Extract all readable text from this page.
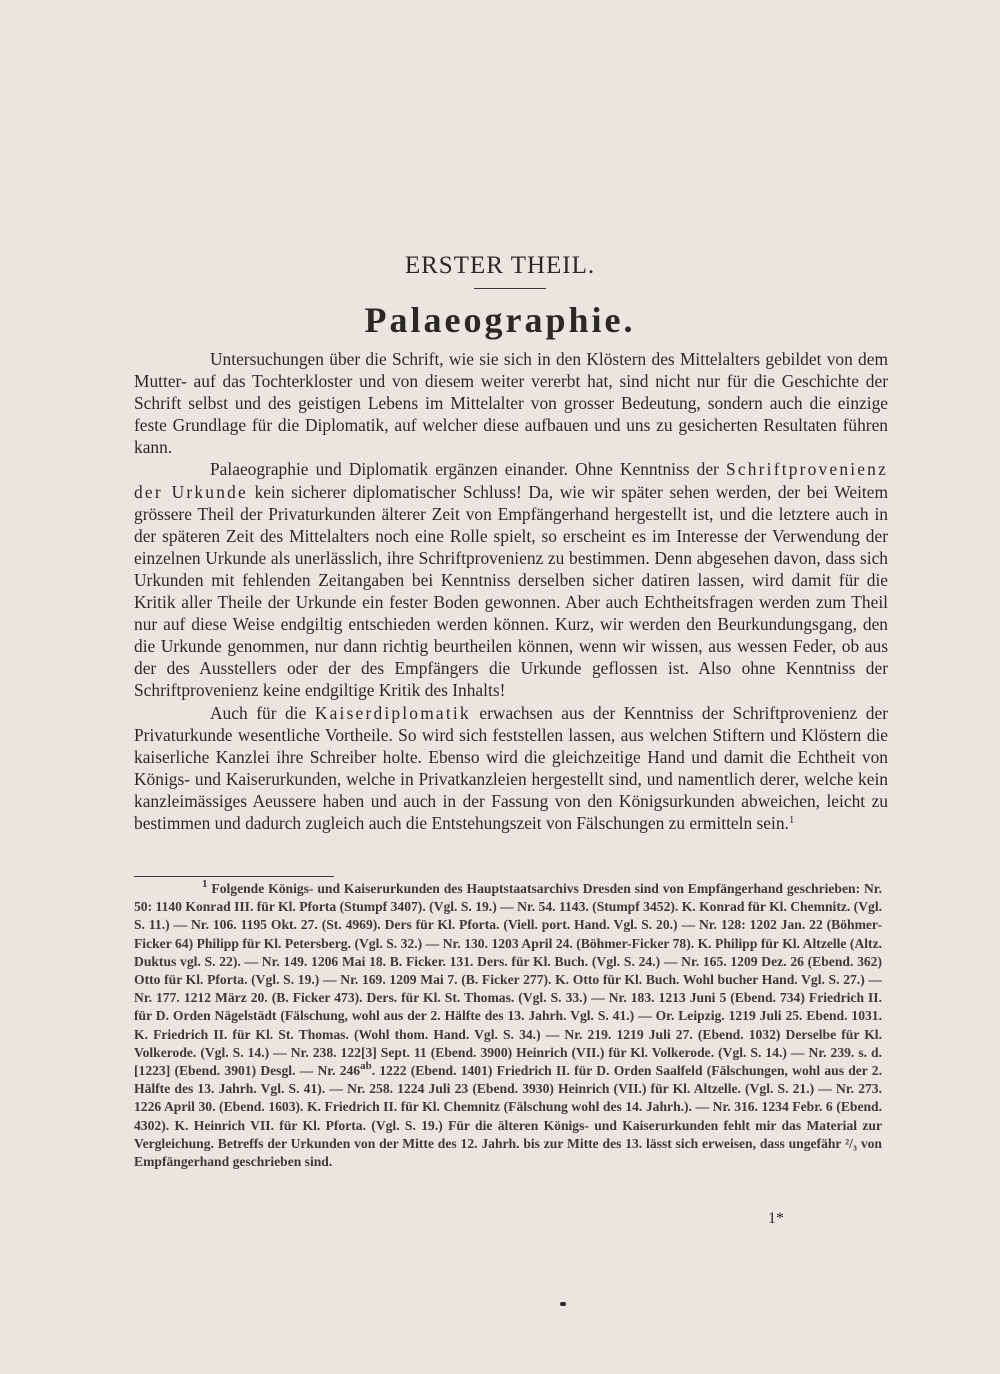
ERSTER THEIL.
Palaeographie.

Untersuchungen über die Schrift, wie sie sich in den Klöstern des Mittelalters gebildet von dem Mutter- auf das Tochterkloster und von diesem weiter vererbt hat, sind nicht nur für die Geschichte der Schrift selbst und des geistigen Lebens im Mittelalter von grosser Bedeutung, sondern auch die einzige feste Grundlage für die Diplomatik, auf welcher diese aufbauen und uns zu gesicherten Resultaten führen kann.

Palaeographie und Diplomatik ergänzen einander. Ohne Kenntniss der Schriftprovenienz der Urkunde kein sicherer diplomatischer Schluss! Da, wie wir später sehen werden, der bei Weitem grössere Theil der Privaturkunden älterer Zeit von Empfängerhand hergestellt ist, und die letztere auch in der späteren Zeit des Mittelalters noch eine Rolle spielt, so erscheint es im Interesse der Verwendung der einzelnen Urkunde als unerlässlich, ihre Schriftprovenienz zu bestimmen. Denn abgesehen davon, dass sich Urkunden mit fehlenden Zeitangaben bei Kenntniss derselben sicher datiren lassen, wird damit für die Kritik aller Theile der Urkunde ein fester Boden gewonnen. Aber auch Echtheitsfragen werden zum Theil nur auf diese Weise endgiltig entschieden werden können. Kurz, wir werden den Beurkundungsgang, den die Urkunde genommen, nur dann richtig beurtheilen können, wenn wir wissen, aus wessen Feder, ob aus der des Ausstellers oder der des Empfängers die Urkunde geflossen ist. Also ohne Kenntniss der Schriftprovenienz keine endgiltige Kritik des Inhalts!

Auch für die Kaiserdiplomatik erwachsen aus der Kenntniss der Schriftprovenienz der Privaturkunde wesentliche Vortheile. So wird sich feststellen lassen, aus welchen Stiftern und Klöstern die kaiserliche Kanzlei ihre Schreiber holte. Ebenso wird die gleichzeitige Hand und damit die Echtheit von Königs- und Kaiserurkunden, welche in Privatkanzleien hergestellt sind, und namentlich derer, welche kein kanzleimässiges Aeussere haben und auch in der Fassung von den Königsurkunden abweichen, leicht zu bestimmen und dadurch zugleich auch die Entstehungszeit von Fälschungen zu ermitteln sein.$^1$

$^1$ Folgende Königs- und Kaiserurkunden des Hauptstaatsarchivs Dresden sind von Empfängerhand geschrieben: Nr. 50: 1140 Konrad III. für Kl. Pforta (Stumpf 3407). (Vgl. S. 19.) — Nr. 54. 1143. (Stumpf 3452). K. Konrad für Kl. Chemnitz. (Vgl. S. 11.) — Nr. 106. 1195 Okt. 27. (St. 4969). Ders für Kl. Pforta. (Viell. port. Hand. Vgl. S. 20.) — Nr. 128: 1202 Jan. 22 (Böhmer-Ficker 64) Philipp für Kl. Petersberg. (Vgl. S. 32.) — Nr. 130. 1203 April 24. (Böhmer-Ficker 78). K. Philipp für Kl. Altzelle (Altz. Duktus vgl. S. 22). — Nr. 149. 1206 Mai 18. B. Ficker. 131. Ders. für Kl. Buch. (Vgl. S. 24.) — Nr. 165. 1209 Dez. 26 (Ebend. 362) Otto für Kl. Pforta. (Vgl. S. 19.) — Nr. 169. 1209 Mai 7. (B. Ficker 277). K. Otto für Kl. Buch. Wohl bucher Hand. Vgl. S. 27.) — Nr. 177. 1212 März 20. (B. Ficker 473). Ders. für Kl. St. Thomas. (Vgl. S. 33.) — Nr. 183. 1213 Juni 5 (Ebend. 734) Friedrich II. für D. Orden Nägelstädt (Fälschung, wohl aus der 2. Hälfte des 13. Jahrh. Vgl. S. 41.) — Or. Leipzig. 1219 Juli 25. Ebend. 1031. K. Friedrich II. für Kl. St. Thomas. (Wohl thom. Hand. Vgl. S. 34.) — Nr. 219. 1219 Juli 27. (Ebend. 1032) Derselbe für Kl. Volkerode. (Vgl. S. 14.) — Nr. 238. 122[3] Sept. 11 (Ebend. 3900) Heinrich (VII.) für Kl. Volkerode. (Vgl. S. 14.) — Nr. 239. s. d. [1223] (Ebend. 3901) Desgl. — Nr. $246^{ab}$. 1222 (Ebend. 1401) Friedrich II. für D. Orden Saalfeld (Fälschungen, wohl aus der 2. Hälfte des 13. Jahrh. Vgl. S. 41). — Nr. 258. 1224 Juli 23 (Ebend. 3930) Heinrich (VII.) für Kl. Altzelle. (Vgl. S. 21.) — Nr. 273. 1226 April 30. (Ebend. 1603). K. Friedrich II. für Kl. Chemnitz (Fälschung wohl des 14. Jahrh.). — Nr. 316. 1234 Febr. 6 (Ebend. 4302). K. Heinrich VII. für Kl. Pforta. (Vgl. S. 19.) Für die älteren Königs- und Kaiserurkunden fehlt mir das Material zur Vergleichung. Betreffs der Urkunden von der Mitte des 12. Jahrh. bis zur Mitte des 13. lässt sich erweisen, dass ungefähr ²/₃ von Empfängerhand geschrieben sind.

1*
